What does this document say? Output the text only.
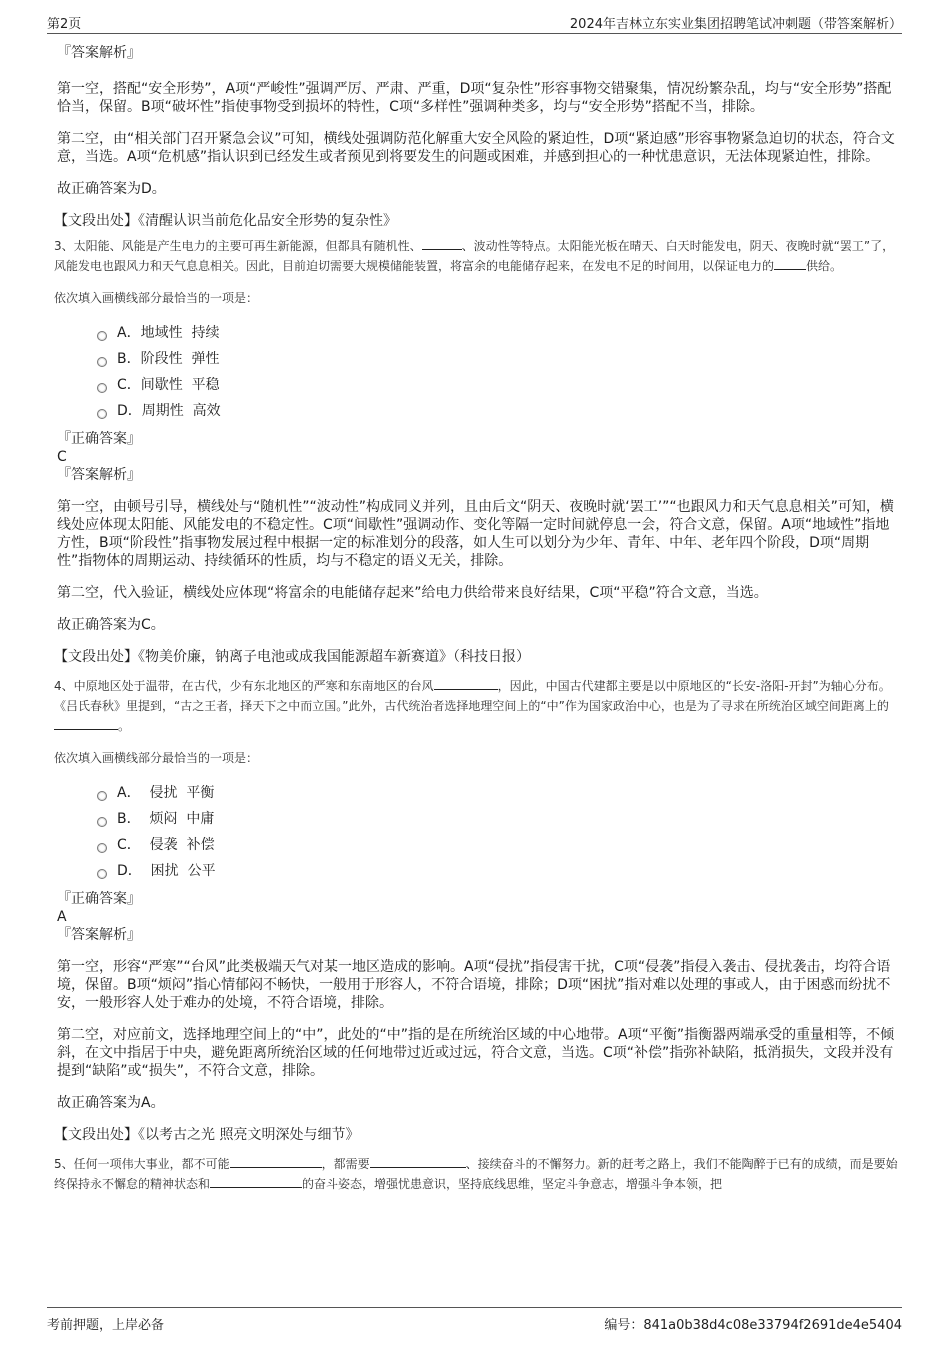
第2页	2024年吉林立东实业集团招聘笔试冲刺题（带答案解析）

『答案解析』

第一空，搭配“安全形势”，A项“严峻性”强调严厉、严肃、严重，D项“复杂性”形容事物交错聚集，情况纷繁杂乱，均与“安全形势”搭配恰当，保留。B项“破坏性”指使事物受到损坏的特性，C项“多样性”强调种类多，均与“安全形势”搭配不当，排除。

第二空，由“相关部门召开紧急会议”可知，横线处强调防范化解重大安全风险的紧迫性，D项“紧迫感”形容事物紧急迫切的状态，符合文意，当选。A项“危机感”指认识到已经发生或者预见到将要发生的问题或困难，并感到担心的一种忧患意识，无法体现紧迫性，排除。

故正确答案为D。

【文段出处】《清醒认识当前危化品安全形势的复杂性》

3、太阳能、风能是产生电力的主要可再生新能源，但都具有随机性、	、波动性等特点。太阳能光板在晴天、白天时能发电，阴天、夜晚时就“罢工”了，风能发电也跟风力和天气息息相关。因此，目前迫切需要大规模储能装置，将富余的电能储存起来，在发电不足的时间用，以保证电力的	供给。

依次填入画横线部分最恰当的一项是：

A．地域性  持续
B．阶段性  弹性
C．间歇性  平稳
D．周期性  高效

『正确答案』

C

『答案解析』

第一空，由顿号引导，横线处与“随机性”“波动性”构成同义并列，且由后文“阴天、夜晚时就‘罢工’”“也跟风力和天气息息相关”可知，横线处应体现太阳能、风能发电的不稳定性。C项“间歇性”强调动作、变化等隔一定时间就停息一会，符合文意，保留。A项“地域性”指地方性，B项“阶段性”指事物发展过程中根据一定的标准划分的段落，如人生可以划分为少年、青年、中年、老年四个阶段，D项“周期性”指物体的周期运动、持续循环的性质，均与不稳定的语义无关，排除。

第二空，代入验证，横线处应体现“将富余的电能储存起来”给电力供给带来良好结果，C项“平稳”符合文意，当选。

故正确答案为C。

【文段出处】《物美价廉，钠离子电池或成我国能源超车新赛道》（科技日报）

4、中原地区处于温带，在古代，少有东北地区的严寒和东南地区的台风	，因此，中国古代建都主要是以中原地区的“长安-洛阳-开封”为轴心分布。《吕氏春秋》里提到，“古之王者，择天下之中而立国。”此外，古代统治者选择地理空间上的“中”作为国家政治中心，也是为了寻求在所统治区域空间距离上的。

依次填入画横线部分最恰当的一项是：

A．  侵扰  平衡
B．  烦闷  中庸
C．  侵袭  补偿
D．  困扰  公平

『正确答案』

A

『答案解析』

第一空，形容“严寒”“台风”此类极端天气对某一地区造成的影响。A项“侵扰”指侵害干扰，C项“侵袭”指侵入袭击、侵扰袭击，均符合语境，保留。B项“烦闷”指心情郁闷不畅快，一般用于形容人，不符合语境，排除；D项“困扰”指对难以处理的事或人，由于困惑而纷扰不安，一般形容人处于难办的处境，不符合语境，排除。

第二空，对应前文，选择地理空间上的“中”，此处的“中”指的是在所统治区域的中心地带。A项“平衡”指衡器两端承受的重量相等，不倾斜，在文中指居于中央，避免距离所统治区域的任何地带过近或过远，符合文意，当选。C项“补偿”指弥补缺陷，抵消损失，文段并没有提到“缺陷”或“损失”，不符合文意，排除。

故正确答案为A。

【文段出处】《以考古之光 照亮文明深处与细节》

5、任何一项伟大事业，都不可能	，都需要	、接续奋斗的不懈努力。新的赶考之路上，我们不能陶醉于已有的成绩，而是要始终保持永不懈怠的精神状态和	的奋斗姿态，增强忧患意识，坚持底线思维，坚定斗争意志，增强斗争本领，把

考前押题，上岸必备	编号：841a0b38d4c08e33794f2691de4e5404
